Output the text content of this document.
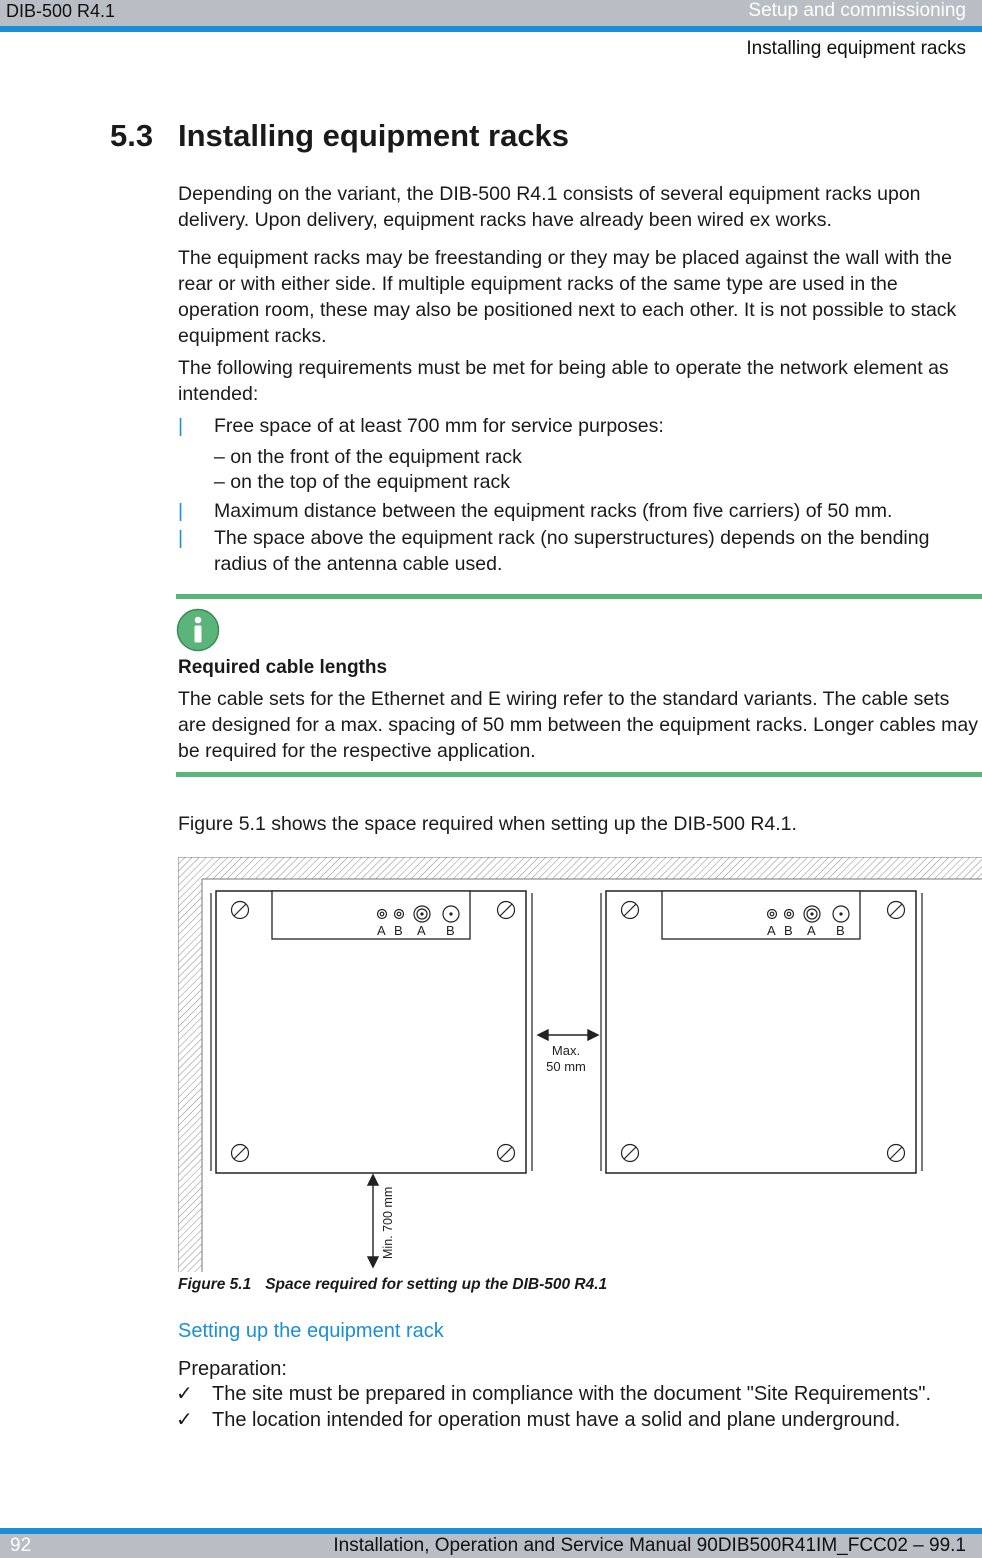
DIB-500 R4.1	Setup and commissioning
Installing equipment racks
5.3 Installing equipment racks
Depending on the variant, the DIB-500 R4.1 consists of several equipment racks upon delivery. Upon delivery, equipment racks have already been wired ex works.
The equipment racks may be freestanding or they may be placed against the wall with the rear or with either side. If multiple equipment racks of the same type are used in the operation room, these may also be positioned next to each other. It is not possible to stack equipment racks.
The following requirements must be met for being able to operate the network element as intended:
| Free space of at least 700 mm for service purposes:
– on the front of the equipment rack
– on the top of the equipment rack
| Maximum distance between the equipment racks (from five carriers) of 50 mm.
| The space above the equipment rack (no superstructures) depends on the bending radius of the antenna cable used.
Required cable lengths
The cable sets for the Ethernet and E wiring refer to the standard variants. The cable sets are designed for a max. spacing of 50 mm between the equipment racks. Longer cables may be required for the respective application.
Figure 5.1 shows the space required when setting up the DIB-500 R4.1.
A B A B	A B A B
Max.
50 mm
Min. 700 mm
Figure 5.1 Space required for setting up the DIB-500 R4.1
Setting up the equipment rack
Preparation:
✓ The site must be prepared in compliance with the document "Site Requirements".
✓ The location intended for operation must have a solid and plane underground.
92	Installation, Operation and Service Manual 90DIB500R41IM_FCC02 – 99.1
